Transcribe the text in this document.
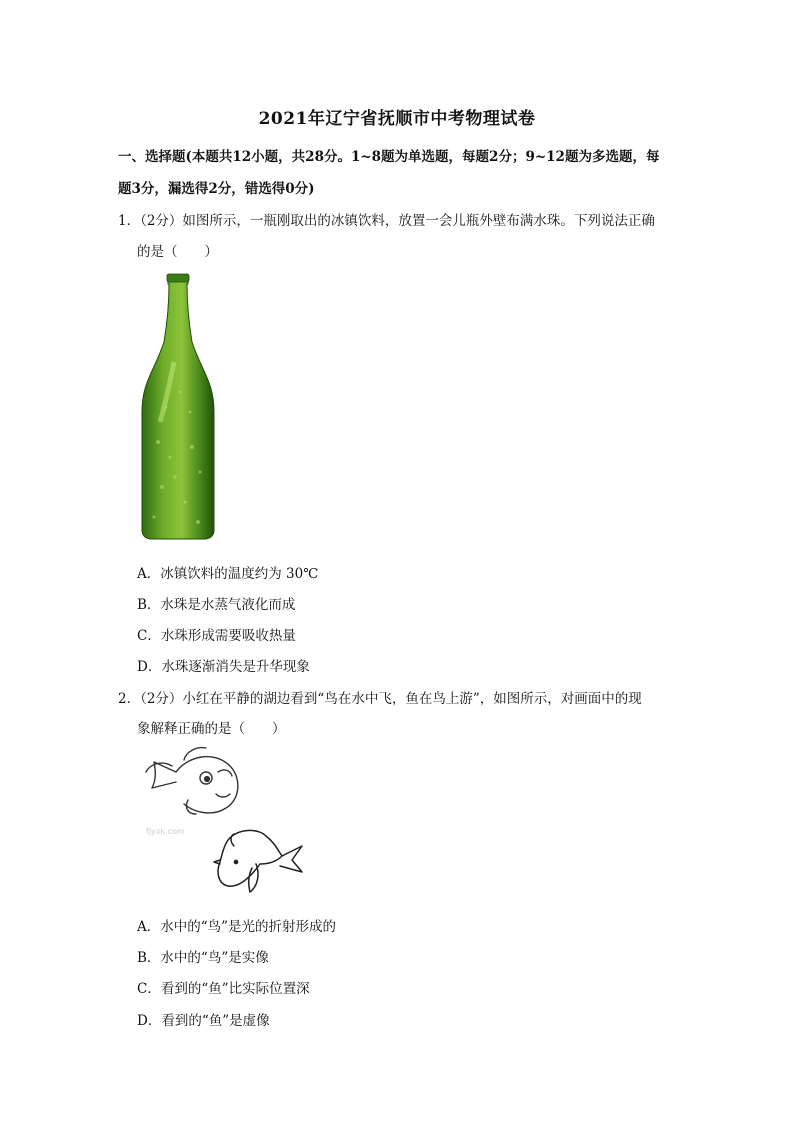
2021年辽宁省抚顺市中考物理试卷
一、选择题(本题共12小题，共28分。1~8题为单选题，每题2分；9~12题为多选题，每
题3分，漏选得2分，错选得0分)
1．（2分）如图所示，一瓶刚取出的冰镇饮料，放置一会儿瓶外壁布满水珠。下列说法正确
的是（　　）
A．冰镇饮料的温度约为 30℃
B．水珠是水蒸气液化而成
C．水珠形成需要吸收热量
D．水珠逐渐消失是升华现象
2．（2分）小红在平静的湖边看到“鸟在水中飞，鱼在鸟上游”，如图所示，对画面中的现
象解释正确的是（　　）
fjyxk.com
A．水中的“鸟”是光的折射形成的
B．水中的“鸟”是实像
C．看到的“鱼”比实际位置深
D．看到的“鱼”是虚像
